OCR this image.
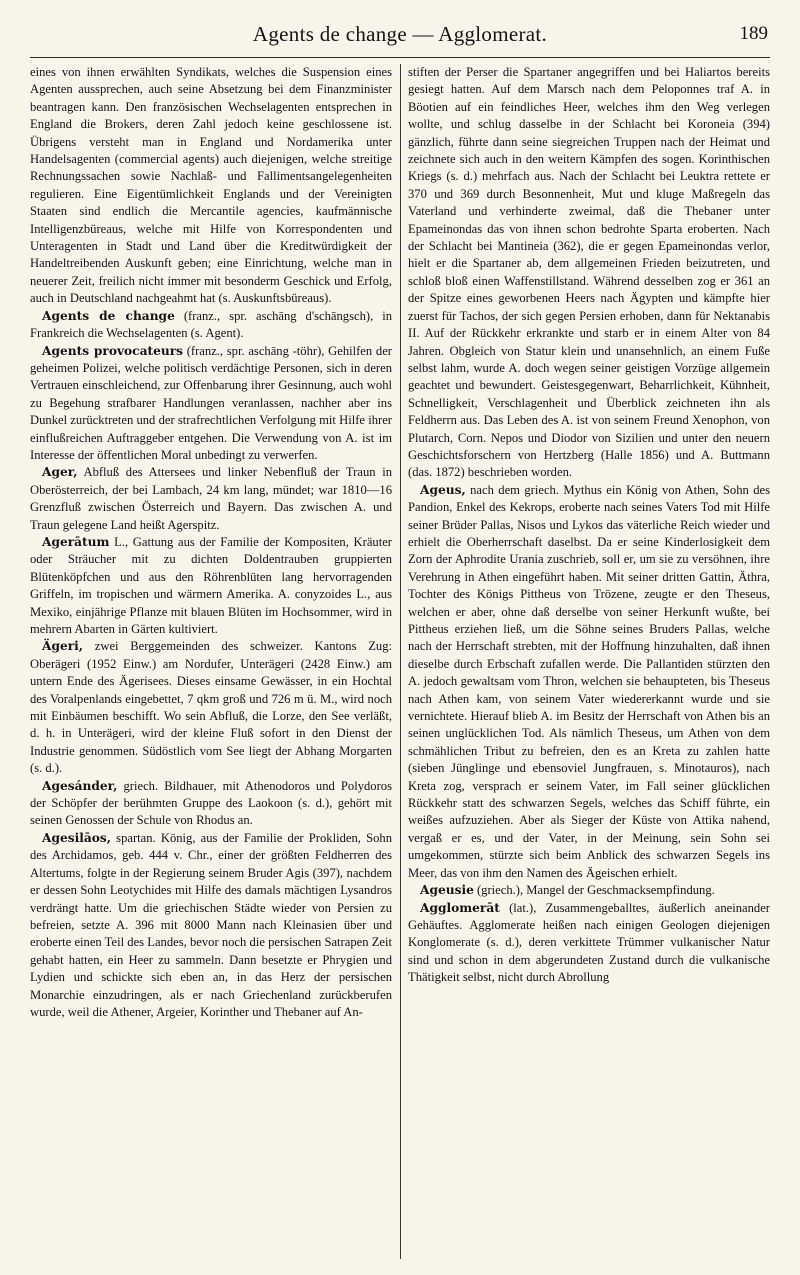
Agents de change — Agglomerat.	189

eines von ihnen erwählten Syndikats, welches die Suspension eines Agenten aussprechen, auch seine Absetzung bei dem Finanzminister beantragen kann. Den französischen Wechselagenten entsprechen in England die Brokers, deren Zahl jedoch keine geschlossene ist. Übrigens versteht man in England und Nordamerika unter Handelsagenten (commercial agents) auch diejenigen, welche streitige Rechnungssachen sowie Nachlaß- und Fallimentsangelegenheiten regulieren. Eine Eigentümlichkeit Englands und der Vereinigten Staaten sind endlich die Mercantile agencies, kaufmännische Intelligenzbüreaus, welche mit Hilfe von Korrespondenten und Unteragenten in Stadt und Land über die Kreditwürdigkeit der Handeltreibenden Auskunft geben; eine Einrichtung, welche man in neuerer Zeit, freilich nicht immer mit besonderm Geschick und Erfolg, auch in Deutschland nachgeahmt hat (s. Auskunftsbüreaus).

Agents de change (franz., spr. aschāng d'schāngsch), in Frankreich die Wechselagenten (s. Agent).

Agents provocateurs (franz., spr. aschāng -töhr), Gehilfen der geheimen Polizei, welche politisch verdächtige Personen, sich in deren Vertrauen einschleichend, zur Offenbarung ihrer Gesinnung, auch wohl zu Begehung strafbarer Handlungen veranlassen, nachher aber ins Dunkel zurücktreten und der strafrechtlichen Verfolgung mit Hilfe ihrer einflußreichen Auftraggeber entgehen. Die Verwendung von A. ist im Interesse der öffentlichen Moral unbedingt zu verwerfen.

Ager, Abfluß des Attersees und linker Nebenfluß der Traun in Oberösterreich, der bei Lambach, 24 km lang, mündet; war 1810—16 Grenzfluß zwischen Österreich und Bayern. Das zwischen A. und Traun gelegene Land heißt Agerspitz.

Agerātum L., Gattung aus der Familie der Kompositen, Kräuter oder Sträucher mit zu dichten Doldentrauben gruppierten Blütenköpfchen und aus den Röhrenblüten lang hervorragenden Griffeln, im tropischen und wärmern Amerika. A. conyzoides L., aus Mexiko, einjährige Pflanze mit blauen Blüten im Hochsommer, wird in mehrern Abarten in Gärten kultiviert.

Ägeri, zwei Berggemeinden des schweizer. Kantons Zug: Oberägeri (1952 Einw.) am Nordufer, Unterägeri (2428 Einw.) am untern Ende des Ägerisees. Dieses einsame Gewässer, in ein Hochtal des Voralpenlands eingebettet, 7 qkm groß und 726 m ü. M., wird noch mit Einbäumen beschifft. Wo sein Abfluß, die Lorze, den See verläßt, d. h. in Unterägeri, wird der kleine Fluß sofort in den Dienst der Industrie genommen. Südöstlich vom See liegt der Abhang Morgarten (s. d.).

Agesánder, griech. Bildhauer, mit Athenodoros und Polydoros der Schöpfer der berühmten Gruppe des Laokoon (s. d.), gehört mit seinen Genossen der Schule von Rhodus an.

Agesilāos, spartan. König, aus der Familie der Prokliden, Sohn des Archidamos, geb. 444 v. Chr., einer der größten Feldherren des Altertums, folgte in der Regierung seinem Bruder Agis (397), nachdem er dessen Sohn Leotychides mit Hilfe des damals mächtigen Lysandros verdrängt hatte. Um die griechischen Städte wieder von Persien zu befreien, setzte A. 396 mit 8000 Mann nach Kleinasien über und eroberte einen Teil des Landes, bevor noch die persischen Satrapen Zeit gehabt hatten, ein Heer zu sammeln. Dann besetzte er Phrygien und Lydien und schickte sich eben an, in das Herz der persischen Monarchie einzudringen, als er nach Griechenland zurückberufen wurde, weil die Athener, Argeier, Korinther und Thebaner auf An-

stiften der Perser die Spartaner angegriffen und bei Haliartos bereits gesiegt hatten. Auf dem Marsch nach dem Peloponnes traf A. in Böotien auf ein feindliches Heer, welches ihm den Weg verlegen wollte, und schlug dasselbe in der Schlacht bei Koroneia (394) gänzlich, führte dann seine siegreichen Truppen nach der Heimat und zeichnete sich auch in den weitern Kämpfen des sogen. Korinthischen Kriegs (s. d.) mehrfach aus. Nach der Schlacht bei Leuktra rettete er 370 und 369 durch Besonnenheit, Mut und kluge Maßregeln das Vaterland und verhinderte zweimal, daß die Thebaner unter Epameinondas das von ihnen schon bedrohte Sparta eroberten. Nach der Schlacht bei Mantineia (362), die er gegen Epameinondas verlor, hielt er die Spartaner ab, dem allgemeinen Frieden beizutreten, und schloß bloß einen Waffenstillstand. Während desselben zog er 361 an der Spitze eines geworbenen Heers nach Ägypten und kämpfte hier zuerst für Tachos, der sich gegen Persien erhoben, dann für Nektanabis II. Auf der Rückkehr erkrankte und starb er in einem Alter von 84 Jahren. Obgleich von Statur klein und unansehnlich, an einem Fuße selbst lahm, wurde A. doch wegen seiner geistigen Vorzüge allgemein geachtet und bewundert. Geistesgegenwart, Beharrlichkeit, Kühnheit, Schnelligkeit, Verschlagenheit und Überblick zeichneten ihn als Feldherrn aus. Das Leben des A. ist von seinem Freund Xenophon, von Plutarch, Corn. Nepos und Diodor von Sizilien und unter den neuern Geschichtsforschern von Hertzberg (Halle 1856) und A. Buttmann (das. 1872) beschrieben worden.

Ageus, nach dem griech. Mythus ein König von Athen, Sohn des Pandion, Enkel des Kekrops, eroberte nach seines Vaters Tod mit Hilfe seiner Brüder Pallas, Nisos und Lykos das väterliche Reich wieder und erhielt die Oberherrschaft daselbst. Da er seine Kinderlosigkeit dem Zorn der Aphrodite Urania zuschrieb, soll er, um sie zu versöhnen, ihre Verehrung in Athen eingeführt haben. Mit seiner dritten Gattin, Äthra, Tochter des Königs Pittheus von Trözene, zeugte er den Theseus, welchen er aber, ohne daß derselbe von seiner Herkunft wußte, bei Pittheus erziehen ließ, um die Söhne seines Bruders Pallas, welche nach der Herrschaft strebten, mit der Hoffnung hinzuhalten, daß ihnen dieselbe durch Erbschaft zufallen werde. Die Pallantiden stürzten den A. jedoch gewaltsam vom Thron, welchen sie behaupteten, bis Theseus nach Athen kam, von seinem Vater wiedererkannt wurde und sie vernichtete. Hierauf blieb A. im Besitz der Herrschaft von Athen bis an seinen unglücklichen Tod. Als nämlich Theseus, um Athen von dem schmählichen Tribut zu befreien, den es an Kreta zu zahlen hatte (sieben Jünglinge und ebensoviel Jungfrauen, s. Minotauros), nach Kreta zog, versprach er seinem Vater, im Fall seiner glücklichen Rückkehr statt des schwarzen Segels, welches das Schiff führte, ein weißes aufzuziehen. Aber als Sieger der Küste von Attika nahend, vergaß er es, und der Vater, in der Meinung, sein Sohn sei umgekommen, stürzte sich beim Anblick des schwarzen Segels ins Meer, das von ihm den Namen des Ägeischen erhielt.

Ageusie (griech.), Mangel der Geschmacksempfindung.

Agglomerāt (lat.), Zusammengeballtes, äußerlich aneinander Gehäuftes. Agglomerate heißen nach einigen Geologen diejenigen Konglomerate (s. d.), deren verkittete Trümmer vulkanischer Natur sind und schon in dem abgerundeten Zustand durch die vulkanische Thätigkeit selbst, nicht durch Abrollung
